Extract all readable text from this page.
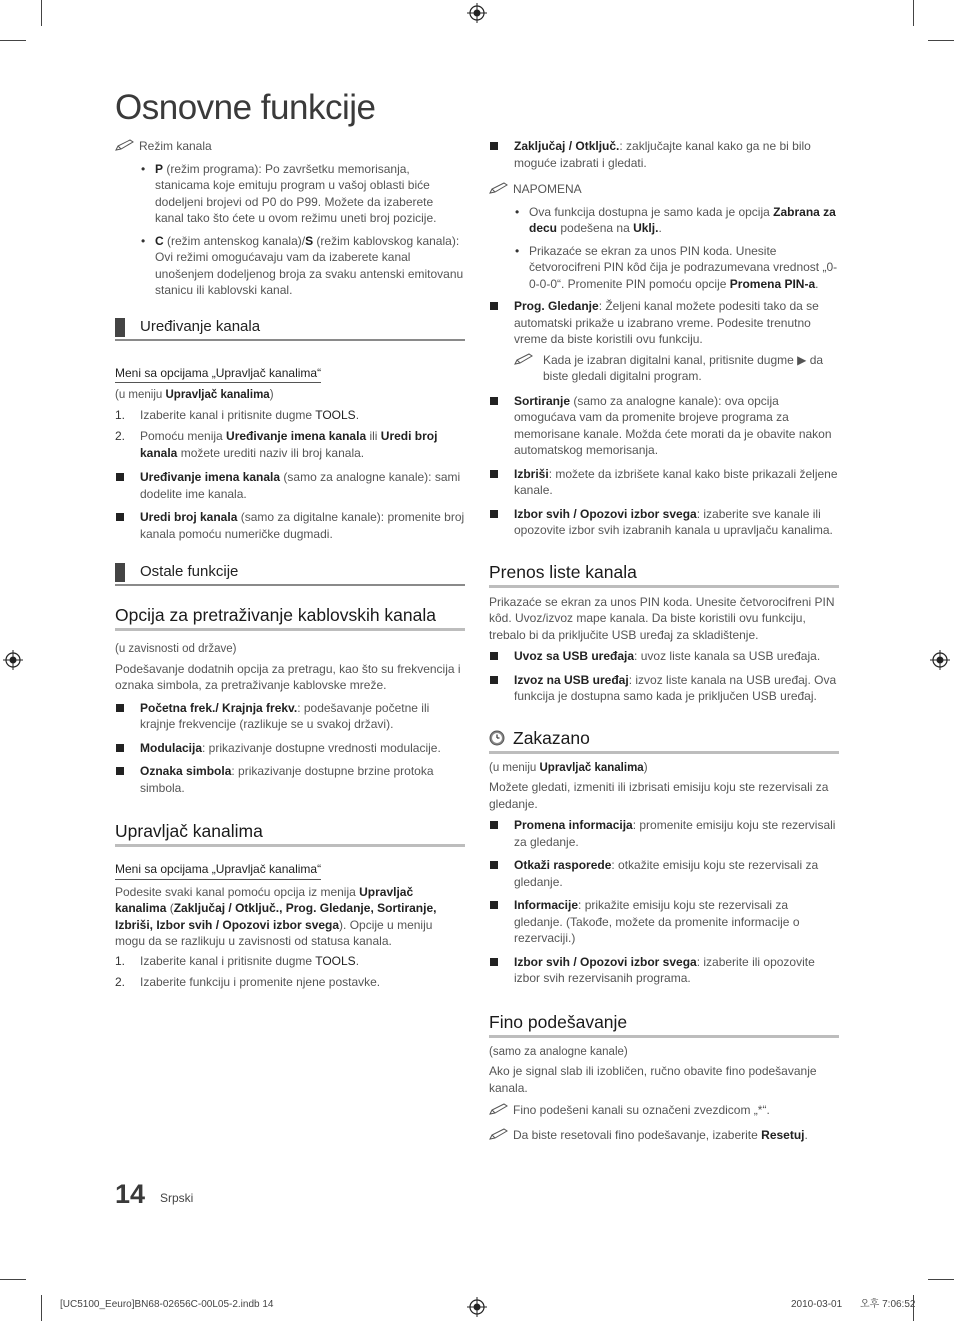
Osnovne funkcije
Režim kanala
• P (režim programa): Po završetku memorisanja, stanicama koje emituju program u vašoj oblasti biće dodeljeni brojevi od P0 do P99. Možete da izaberete kanal tako što ćete u ovom režimu uneti broj pozicije.
• C (režim antenskog kanala)/S (režim kablovskog kanala): Ovi režimi omogućavaju vam da izaberete kanal unošenjem dodeljenog broja za svaku antenski emitovanu stanicu ili kablovski kanal.
Uređivanje kanala
Meni sa opcijama „Upravljač kanalima“

(u meniju Upravljač kanalima)

1. Izaberite kanal i pritisnite dugme TOOLS.
2. Pomoću menija Uređivanje imena kanala ili Uredi broj kanala možete urediti naziv ili broj kanala.
Uređivanje imena kanala (samo za analogne kanale): sami dodelite ime kanala.
Uredi broj kanala (samo za digitalne kanale): promenite broj kanala pomoću numeričke dugmadi.
Ostale funkcije
Opcija za pretraživanje kablovskih kanala

(u zavisnosti od države)

Podešavanje dodatnih opcija za pretragu, kao što su frekvencija i oznaka simbola, za pretraživanje kablovske mreže.

Početna frek./ Krajnja frekv.: podešavanje početne ili krajnje frekvencije (razlikuje se u svakoj državi).
Modulacija: prikazivanje dostupne vrednosti modulacije.
Oznaka simbola: prikazivanje dostupne brzine protoka simbola.
Upravljač kanalima
Meni sa opcijama „Upravljač kanalima“

Podesite svaki kanal pomoću opcija iz menija Upravljač kanalima (Zaključaj / Otključ., Prog. Gledanje, Sortiranje, Izbriši, Izbor svih / Opozovi izbor svega). Opcije u meniju mogu da se razlikuju u zavisnosti od statusa kanala.

1. Izaberite kanal i pritisnite dugme TOOLS.
2. Izaberite funkciju i promenite njene postavke.
Zaključaj / Otključ.: zaključajte kanal kako ga ne bi bilo moguće izabrati i gledati.
NAPOMENA
• Ova funkcija dostupna je samo kada je opcija Zabrana za decu podešena na Uklj..
• Prikazaće se ekran za unos PIN koda. Unesite četvorocifreni PIN kôd čija je podrazumevana vrednost „0-0-0-0“. Promenite PIN pomoću opcije Promena PIN-a.
Prog. Gledanje: Željeni kanal možete podesiti tako da se automatski prikaže u izabrano vreme. Podesite trenutno vreme da biste koristili ovu funkciju.
Kada je izabran digitalni kanal, pritisnite dugme ▶ da biste gledali digitalni program.
Sortiranje (samo za analogne kanale): ova opcija omogućava vam da promenite brojeve programa za memorisane kanale. Možda ćete morati da je obavite nakon automatskog memorisanja.
Izbriši: možete da izbrišete kanal kako biste prikazali željene kanale.
Izbor svih / Opozovi izbor svega: izaberite sve kanale ili opozovite izbor svih izabranih kanala u upravljaču kanalima.
Prenos liste kanala

Prikazaće se ekran za unos PIN koda. Unesite četvorocifreni PIN kôd. Uvoz/izvoz mape kanala. Da biste koristili ovu funkciju, trebalo bi da priključite USB uređaj za skladištenje.

Uvoz sa USB uređaja: uvoz liste kanala sa USB uređaja.
Izvoz na USB uređaj: izvoz liste kanala na USB uređaj. Ova funkcija je dostupna samo kada je priključen USB uređaj.
Zakazano

(u meniju Upravljač kanalima)

Možete gledati, izmeniti ili izbrisati emisiju koju ste rezervisali za gledanje.

Promena informacija: promenite emisiju koju ste rezervisali za gledanje.
Otkaži rasporede: otkažite emisiju koju ste rezervisali za gledanje.
Informacije: prikažite emisiju koju ste rezervisali za gledanje. (Takođe, možete da promenite informacije o rezervaciji.)
Izbor svih / Opozovi izbor svega: izaberite ili opozovite izbor svih rezervisanih programa.
Fino podešavanje

(samo za analogne kanale)

Ako je signal slab ili izobličen, ručno obavite fino podešavanje kanala.

Fino podešeni kanali su označeni zvezdicom „*“.
Da biste resetovali fino podešavanje, izaberite Resetuj.
14 Srpski
[UC5100_Eeuro]BN68-02656C-00L05-2.indb 14	2010-03-01 오후 7:06:52
